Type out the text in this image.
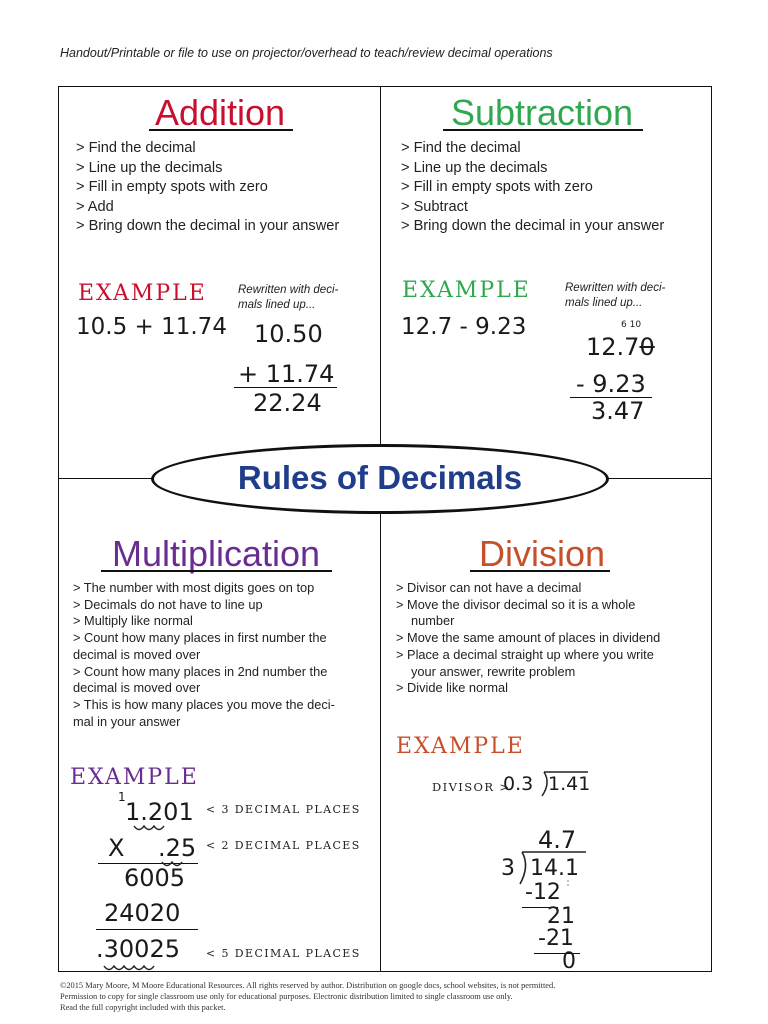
Handout/Printable or file to use on projector/overhead to teach/review decimal operations
Addition
> Find the decimal
> Line up the decimals
> Fill in empty spots with zero
> Add
> Bring down the decimal in your answer
EXAMPLE
10.5 + 11.74
Rewritten with deci-
mals lined up...
10.50
+ 11.74
22.24
Subtraction
> Find the decimal
> Line up the decimals
> Fill in empty spots with zero
> Subtract
> Bring down the decimal in your answer
EXAMPLE
12.7 - 9.23
Rewritten with deci-
mals lined up...
6 10
12.70
- 9.23
3.47
Rules of Decimals
Multiplication
> The number with most digits goes on top
> Decimals do not have to line up
> Multiply like normal
> Count how many places in first number the
decimal is moved over
> Count how many places in 2nd number the
decimal is moved over
> This is how many places you move the deci-
mal in your answer
EXAMPLE
1
1.201 < 3 DECIMAL PLACES
X .25 < 2 DECIMAL PLACES
6005
24020
.30025 < 5 DECIMAL PLACES
Division
> Divisor can not have a decimal
> Move the divisor decimal so it is a whole
number
> Move the same amount of places in dividend
> Place a decimal straight up where you write
your answer, rewrite problem
> Divide like normal
EXAMPLE
DIVISOR >
0.3 1.41
4.7
3 14.1
-12
21
-21
0
©2015 Mary Moore, M Moore Educational Resources. All rights reserved by author. Distribution on google docs, school websites, is not permitted.
Permission to copy for single classroom use only for educational purposes. Electronic distribution limited to single classroom use only.
Read the full copyright included with this packet.
